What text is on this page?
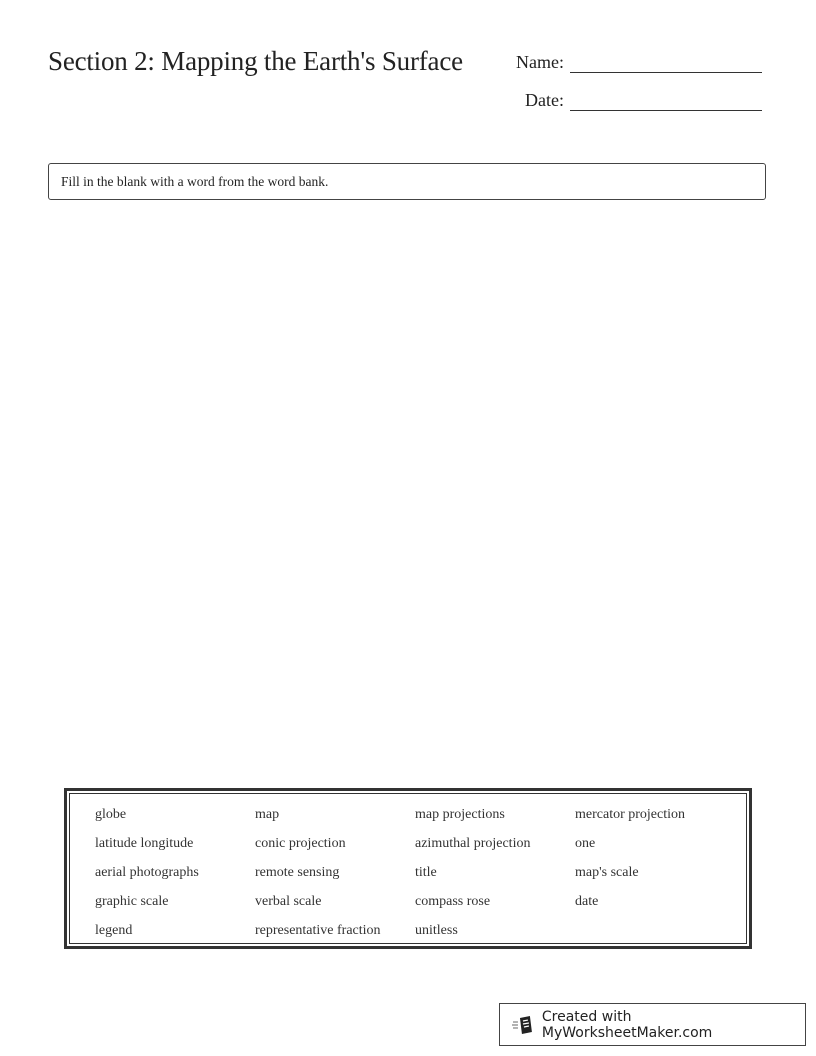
Section 2: Mapping the Earth's Surface	Name:
Date:
Fill in the blank with a word from the word bank.
globe	map	map projections	mercator projection
latitude longitude	conic projection	azimuthal projection	one
aerial photographs	remote sensing	title	map's scale
graphic scale	verbal scale	compass rose	date
legend	representative fraction	unitless
Created with MyWorksheetMaker.com
